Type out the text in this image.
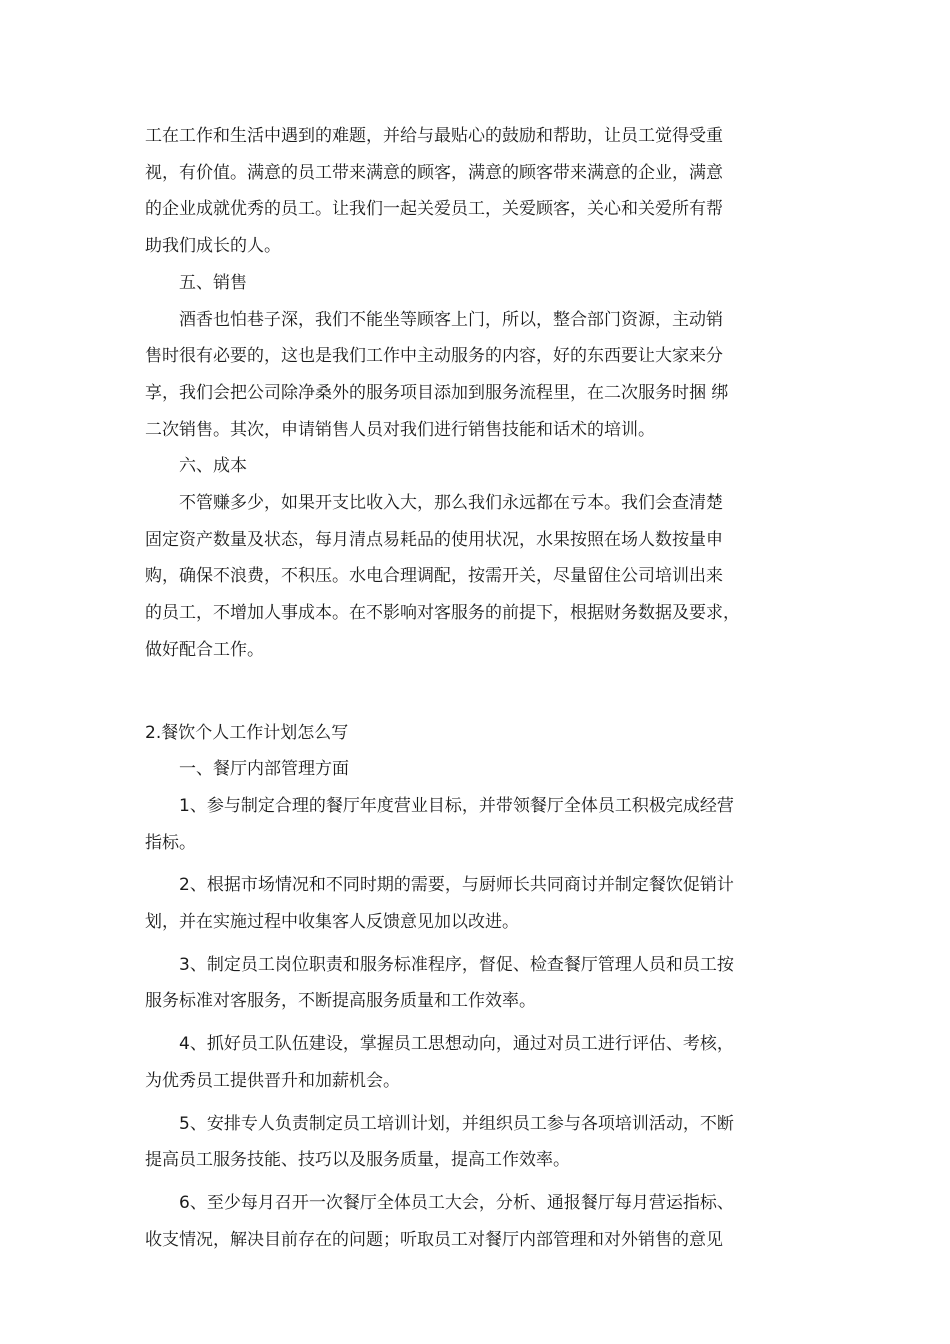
工在工作和生活中遇到的难题，并给与最贴心的鼓励和帮助，让员工觉得受重
视，有价值。满意的员工带来满意的顾客，满意的顾客带来满意的企业，满意
的企业成就优秀的员工。让我们一起关爱员工，关爱顾客，关心和关爱所有帮
助我们成长的人。

五、销售

酒香也怕巷子深，我们不能坐等顾客上门，所以，整合部门资源，主动销
售时很有必要的，这也是我们工作中主动服务的内容，好的东西要让大家来分
享，我们会把公司除净桑外的服务项目添加到服务流程里，在二次服务时捆 绑
二次销售。其次，申请销售人员对我们进行销售技能和话术的培训。

六、成本

不管赚多少，如果开支比收入大，那么我们永远都在亏本。我们会查清楚
固定资产数量及状态，每月清点易耗品的使用状况，水果按照在场人数按量申
购，确保不浪费，不积压。水电合理调配，按需开关，尽量留住公司培训出来
的员工，不增加人事成本。在不影响对客服务的前提下，根据财务数据及要求，
做好配合工作。

2.餐饮个人工作计划怎么写

一、餐厅内部管理方面

1、参与制定合理的餐厅年度营业目标，并带领餐厅全体员工积极完成经营
指标。

2、根据市场情况和不同时期的需要，与厨师长共同商讨并制定餐饮促销计
划，并在实施过程中收集客人反馈意见加以改进。

3、制定员工岗位职责和服务标准程序，督促、检查餐厅管理人员和员工按
服务标准对客服务，不断提高服务质量和工作效率。

4、抓好员工队伍建设，掌握员工思想动向，通过对员工进行评估、考核，
为优秀员工提供晋升和加薪机会。

5、安排专人负责制定员工培训计划，并组织员工参与各项培训活动，不断
提高员工服务技能、技巧以及服务质量，提高工作效率。

6、至少每月召开一次餐厅全体员工大会，分析、通报餐厅每月营运指标、
收支情况，解决目前存在的问题；听取员工对餐厅内部管理和对外销售的意见
